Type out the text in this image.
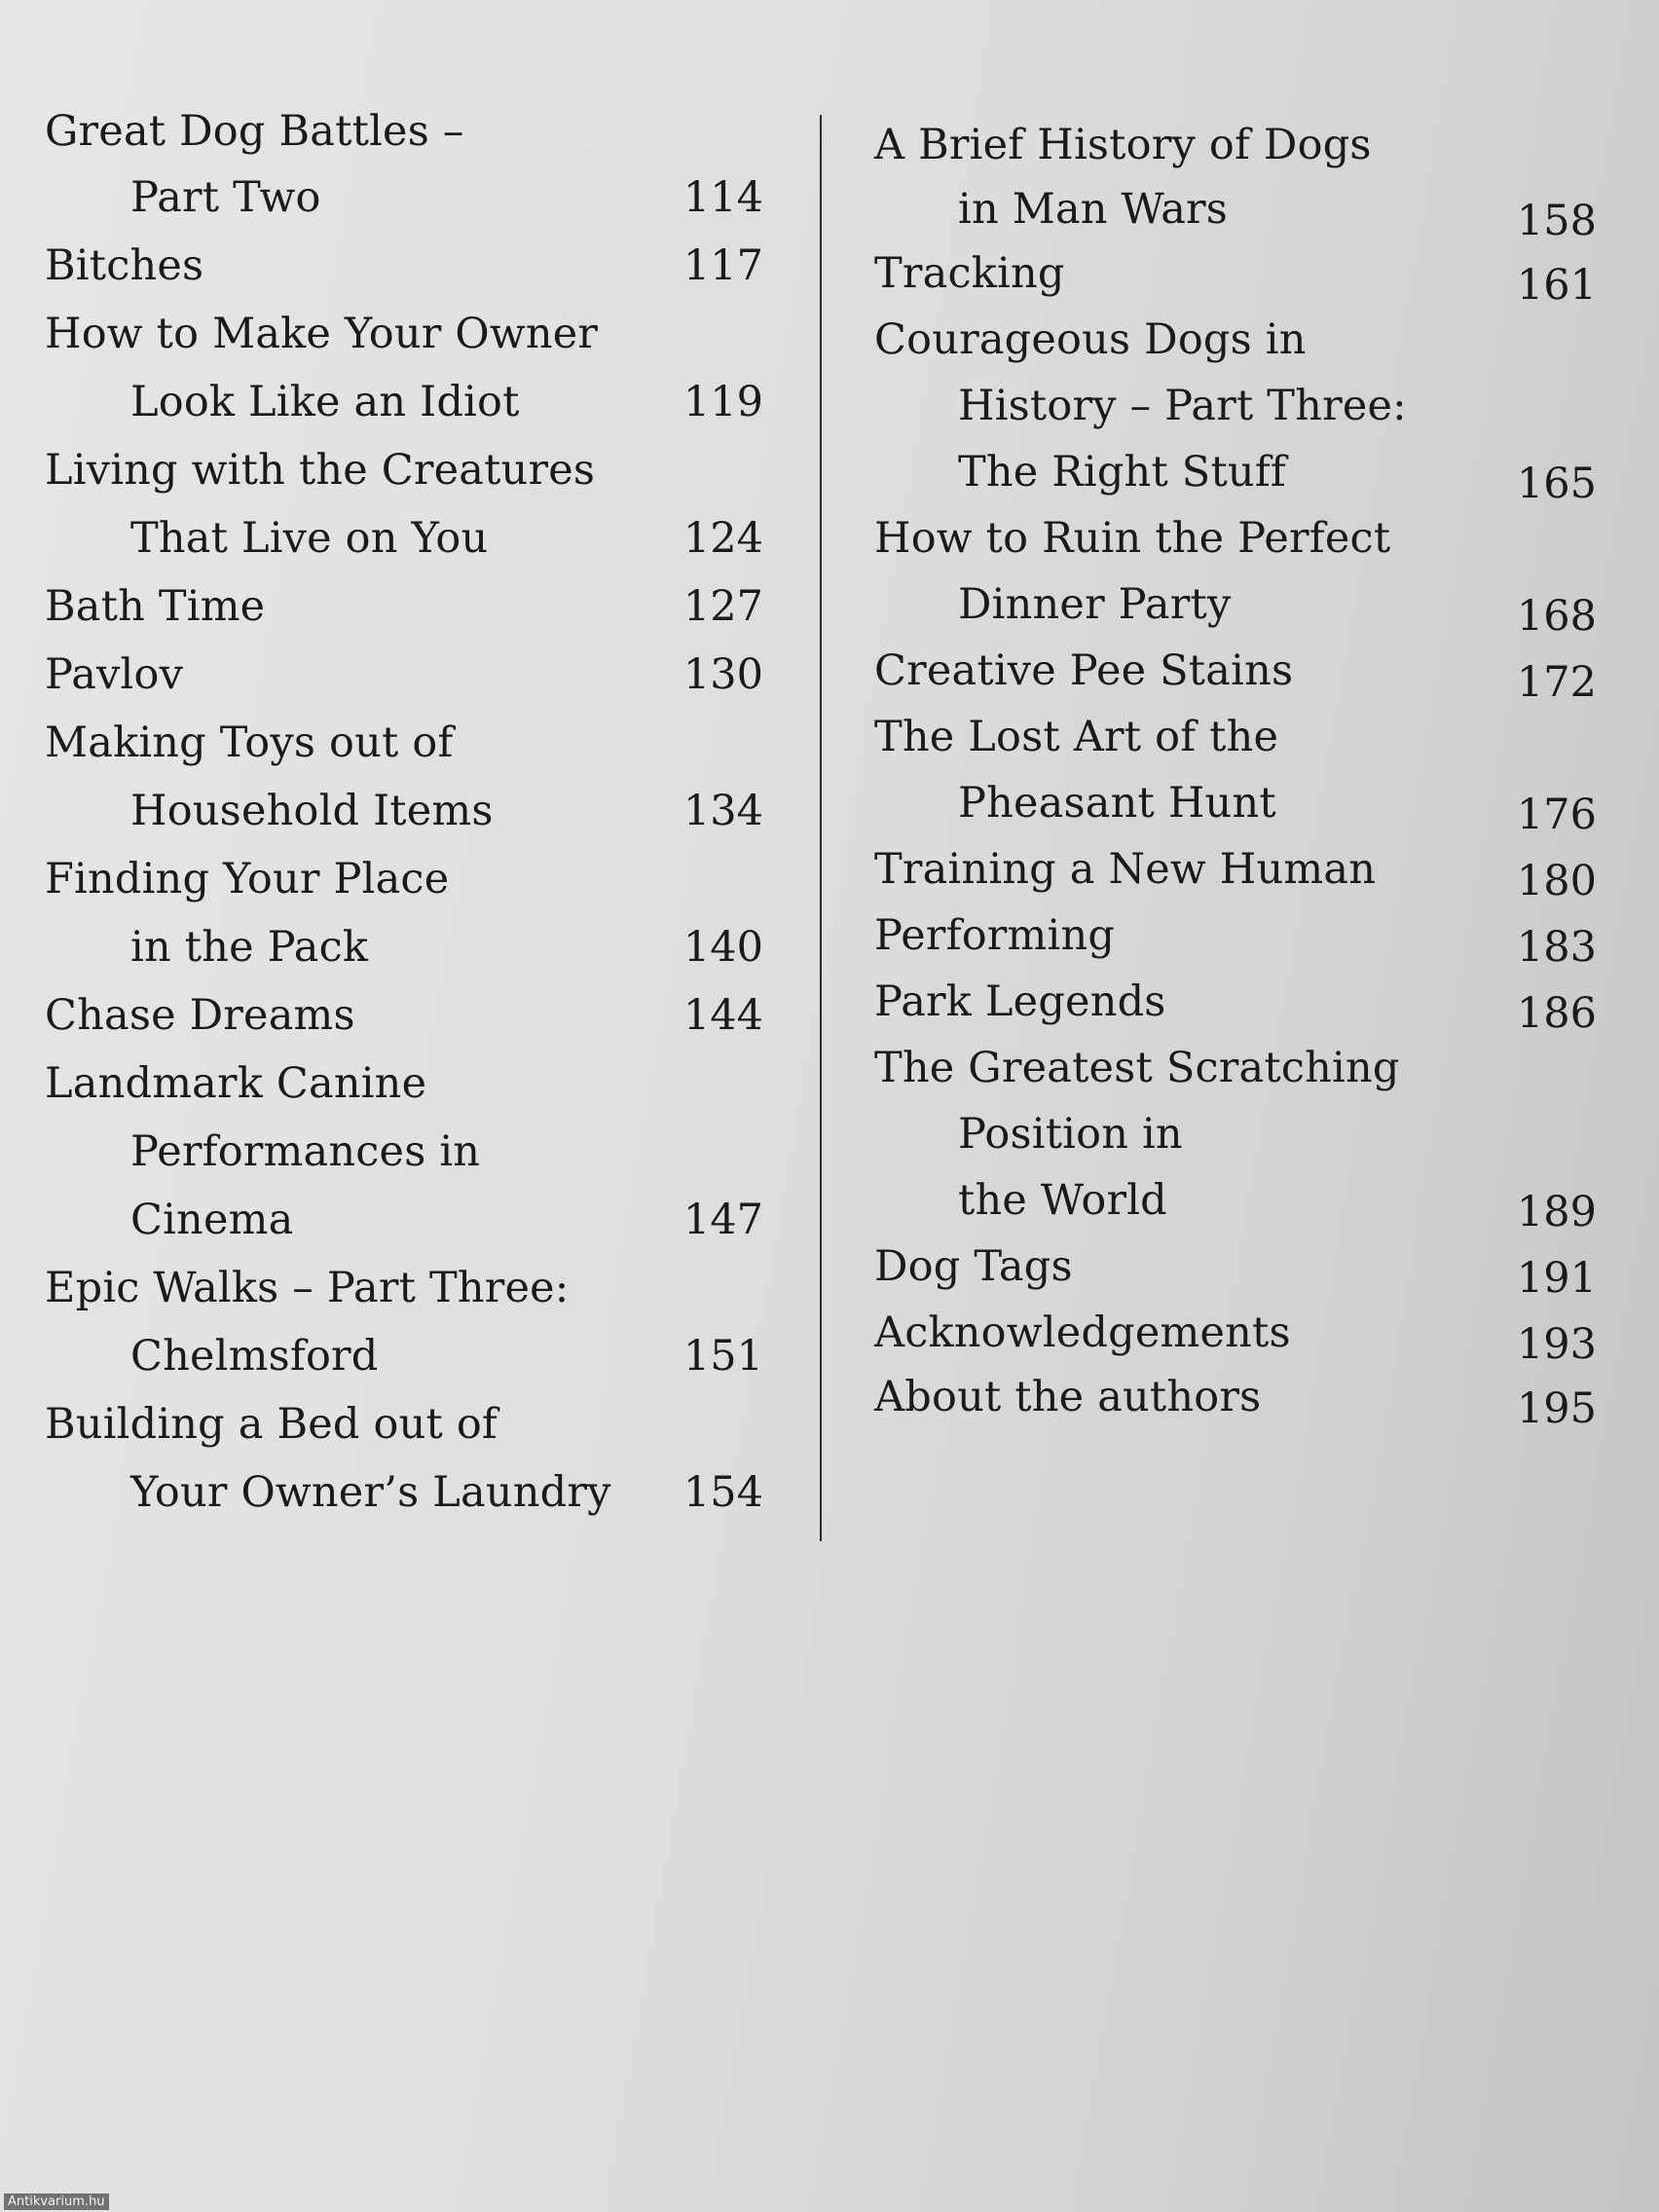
Great Dog Battles –
Part Two	114
Bitches	117
How to Make Your Owner
Look Like an Idiot	119
Living with the Creatures
That Live on You	124
Bath Time	127
Pavlov	130
Making Toys out of
Household Items	134
Finding Your Place
in the Pack	140
Chase Dreams	144
Landmark Canine
Performances in
Cinema	147
Epic Walks – Part Three:
Chelmsford	151
Building a Bed out of
Your Owner’s Laundry 154
A Brief History of Dogs
in Man Wars	158
Tracking	161
Courageous Dogs in
History – Part Three:
The Right Stuff	165
How to Ruin the Perfect
Dinner Party	168
Creative Pee Stains	172
The Lost Art of the
Pheasant Hunt	176
Training a New Human	180
Performing	183
Park Legends	186
The Greatest Scratching
Position in
the World	189
Dog Tags	191
Acknowledgements	193
About the authors	195
Antikvarium.hu
